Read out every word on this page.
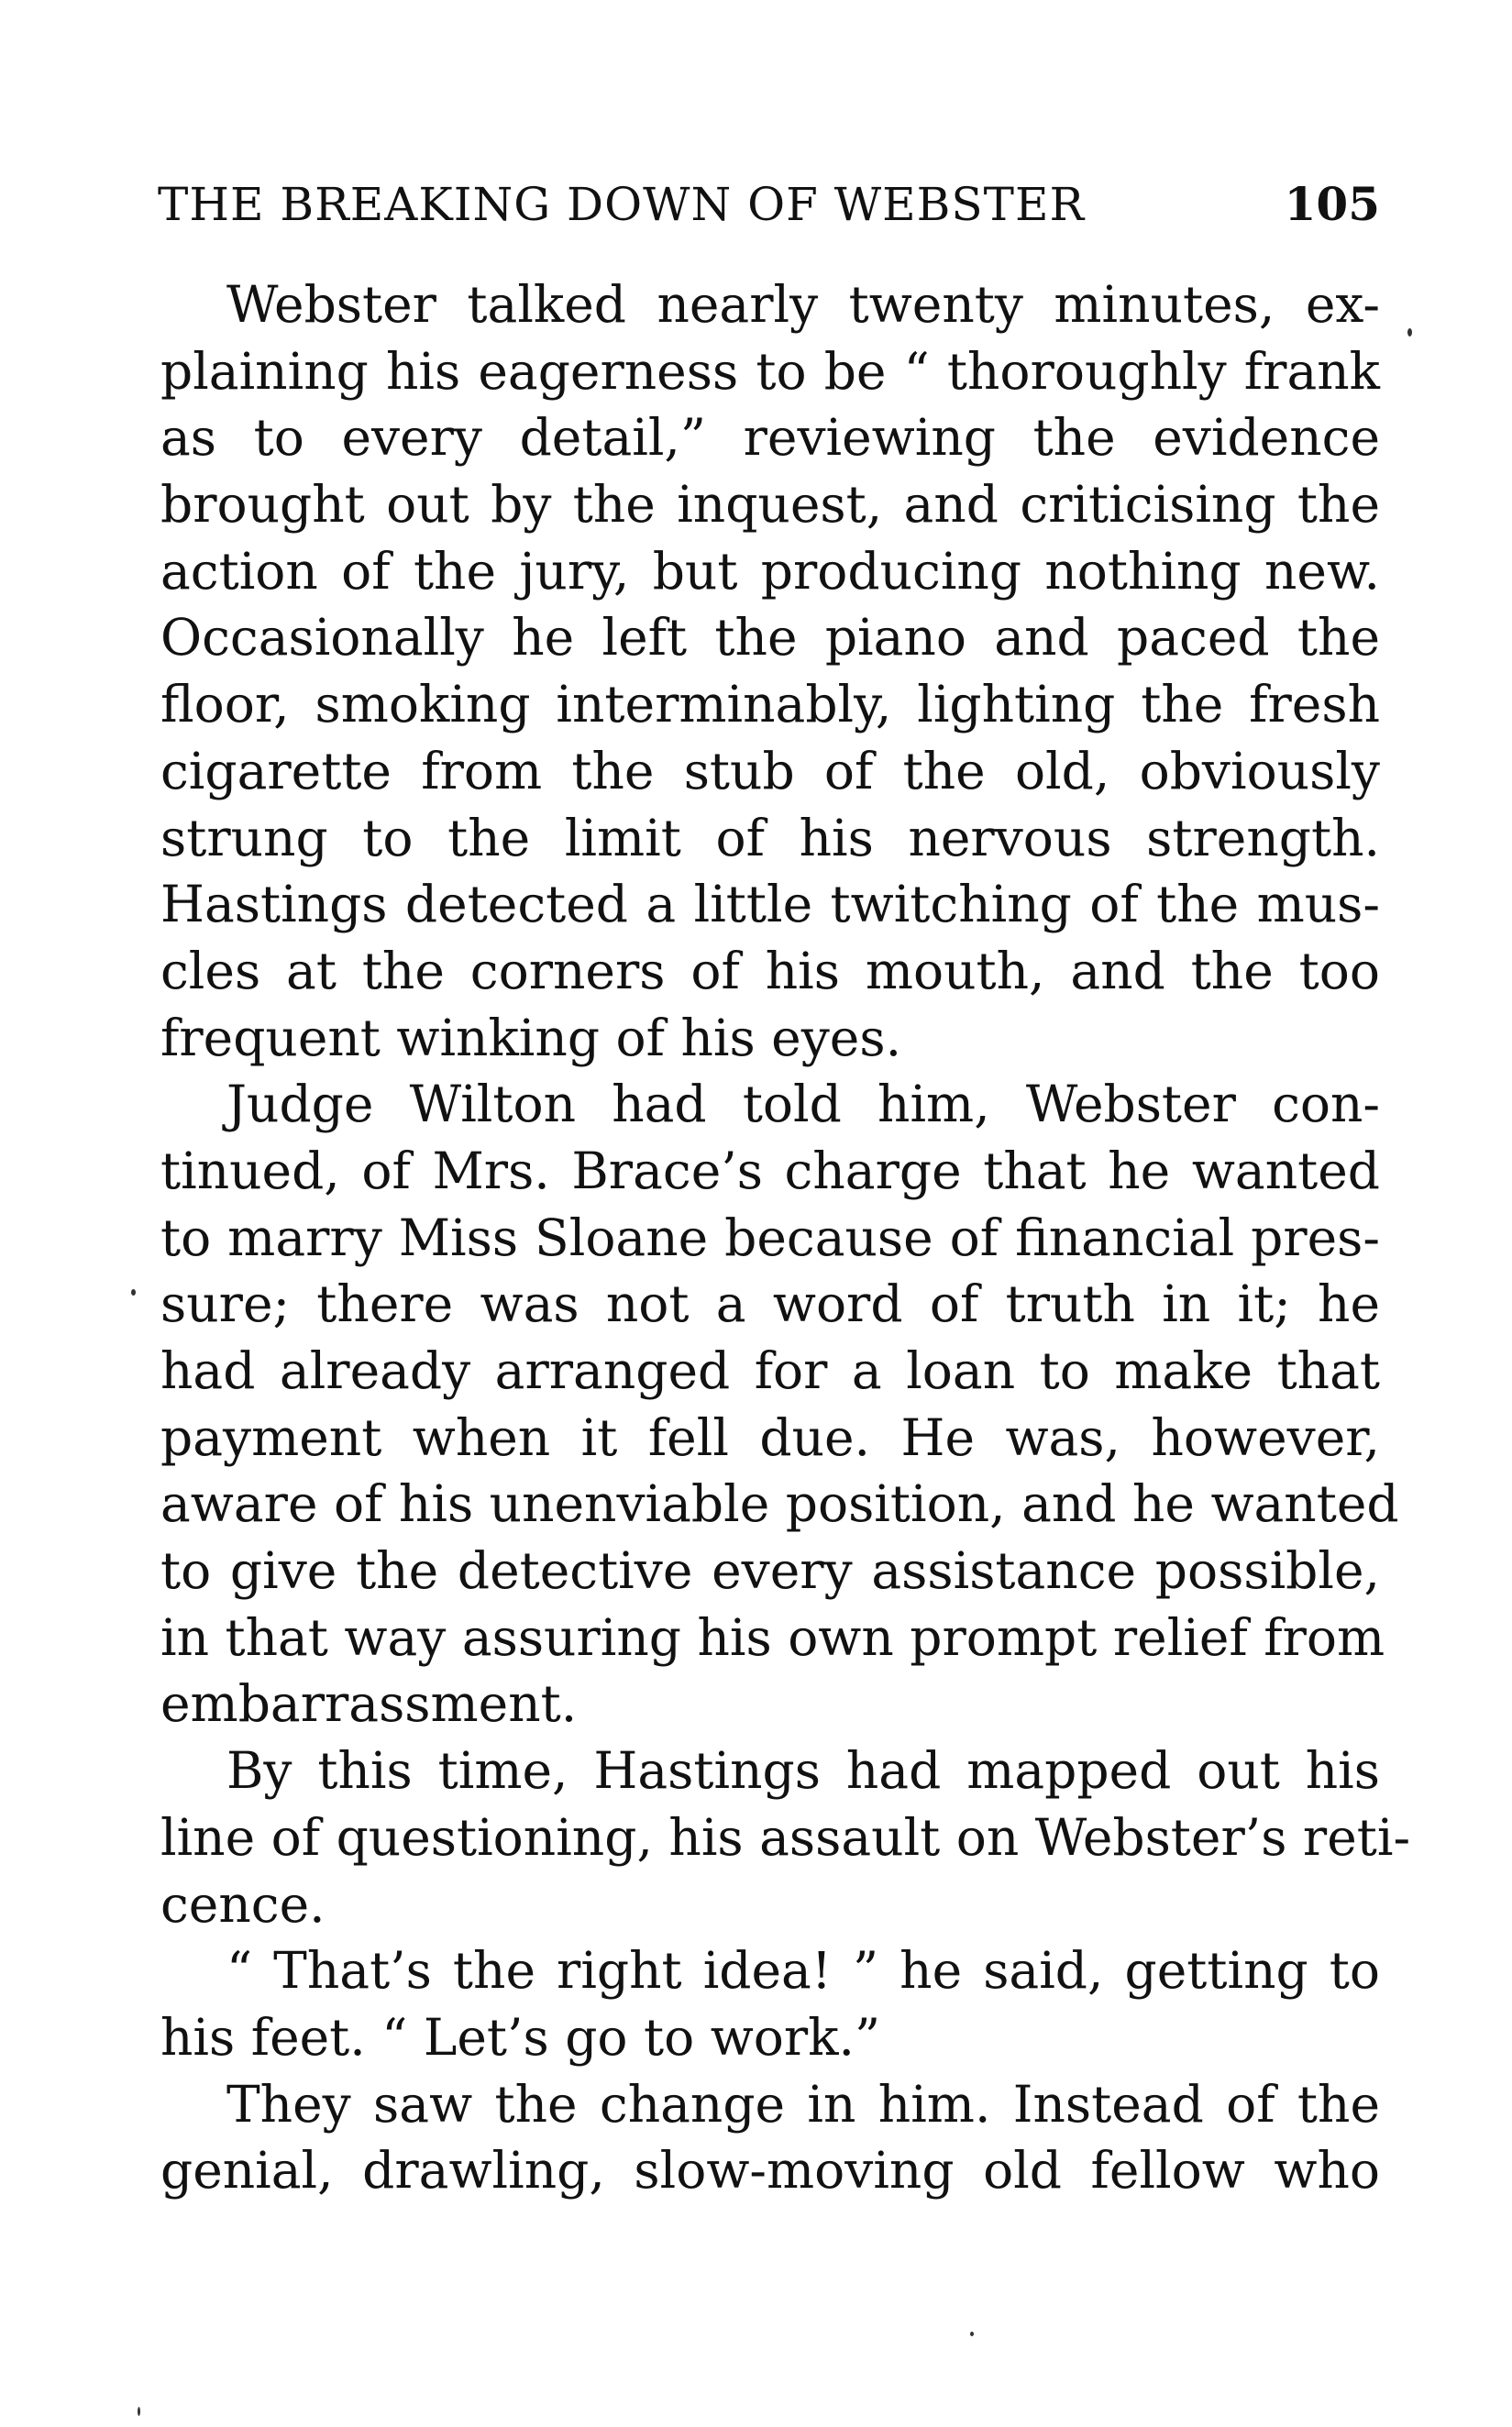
THE BREAKING DOWN OF WEBSTER	105
Webster talked nearly twenty minutes, ex-
plaining his eagerness to be “ thoroughly frank
as to every detail,” reviewing the evidence
brought out by the inquest, and criticising the
action of the jury, but producing nothing new.
Occasionally he left the piano and paced the
floor, smoking interminably, lighting the fresh
cigarette from the stub of the old, obviously
strung to the limit of his nervous strength.
Hastings detected a little twitching of the mus-
cles at the corners of his mouth, and the too
frequent winking of his eyes.
Judge Wilton had told him, Webster con-
tinued, of Mrs. Brace’s charge that he wanted
to marry Miss Sloane because of financial pres-
sure; there was not a word of truth in it; he
had already arranged for a loan to make that
payment when it fell due. He was, however,
aware of his unenviable position, and he wanted
to give the detective every assistance possible,
in that way assuring his own prompt relief from
embarrassment.
By this time, Hastings had mapped out his
line of questioning, his assault on Webster’s reti-
cence.
“ That’s the right idea! ” he said, getting to
his feet. “ Let’s go to work.”
They saw the change in him. Instead of the
genial, drawling, slow-moving old fellow who
